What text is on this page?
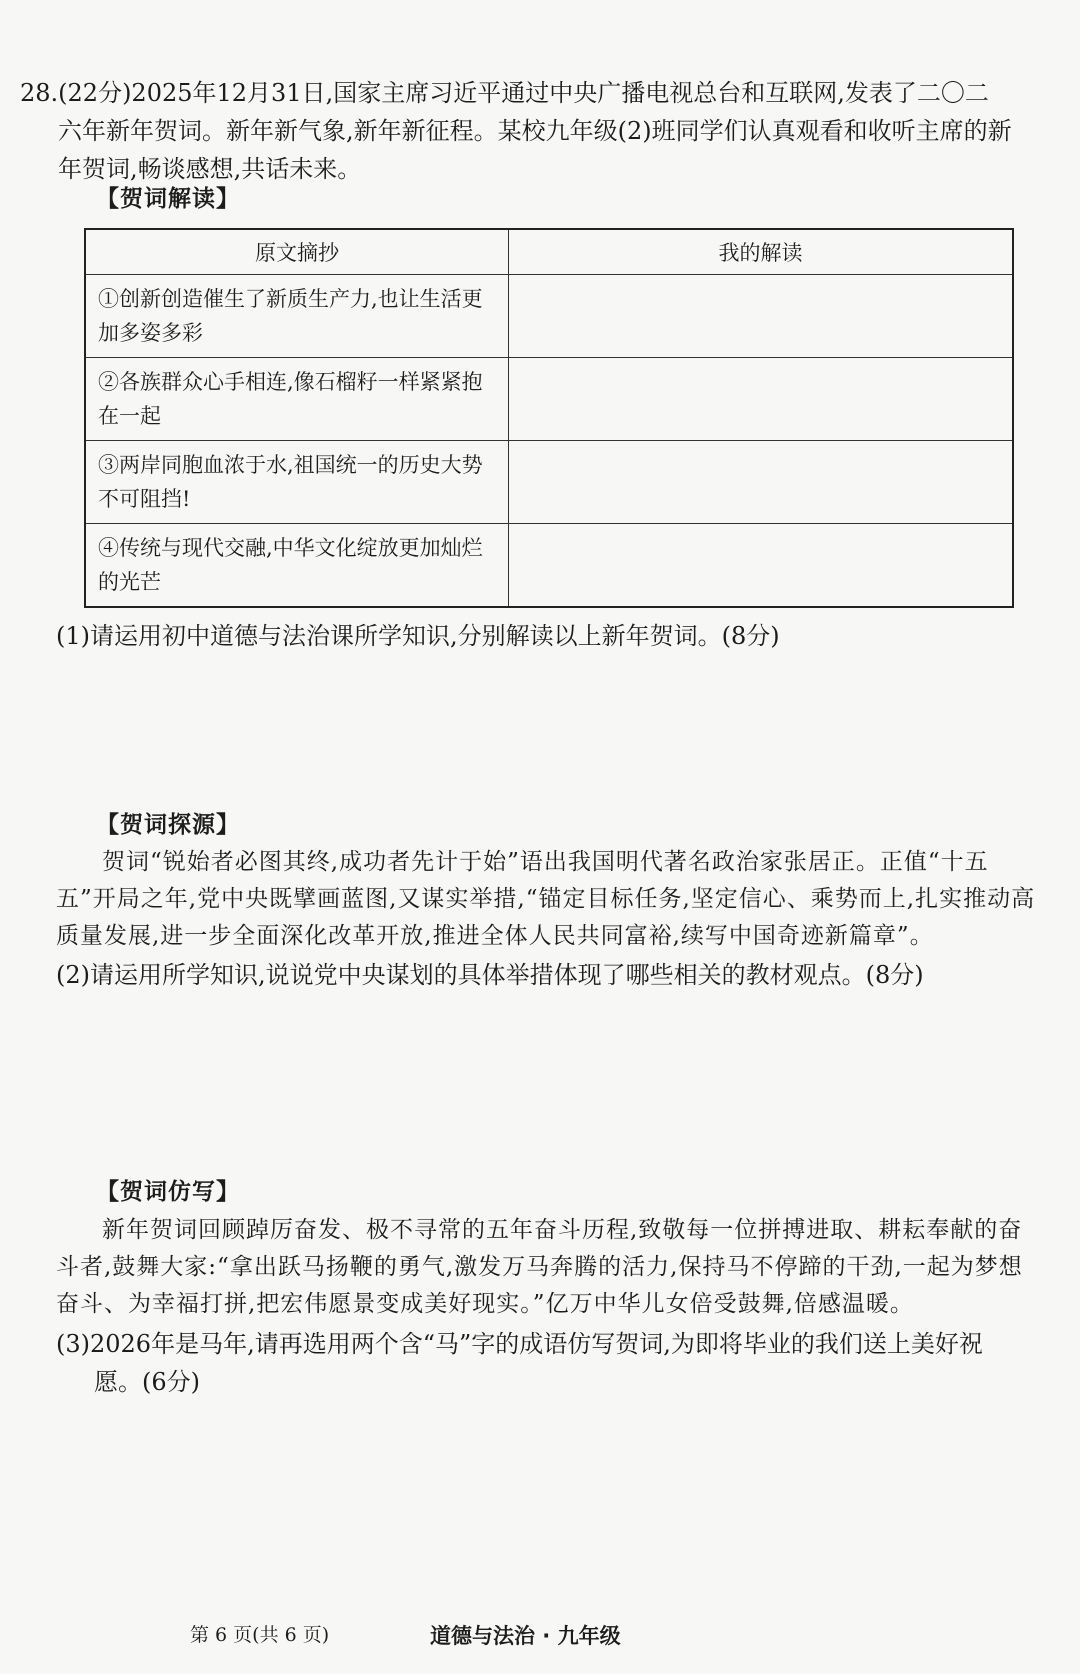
28.(22分)2025年12月31日,国家主席习近平通过中央广播电视总台和互联网,发表了二〇二
六年新年贺词。新年新气象,新年新征程。某校九年级(2)班同学们认真观看和收听主席的新
年贺词,畅谈感想,共话未来。
【贺词解读】
原文摘抄	我的解读
①创新创造催生了新质生产力,也让生活更加多姿多彩	
②各族群众心手相连,像石榴籽一样紧紧抱在一起	
③两岸同胞血浓于水,祖国统一的历史大势不可阻挡!	
④传统与现代交融,中华文化绽放更加灿烂的光芒	
(1)请运用初中道德与法治课所学知识,分别解读以上新年贺词。(8分)
【贺词探源】
贺词“锐始者必图其终,成功者先计于始”语出我国明代著名政治家张居正。正值“十五五”开局之年,党中央既擘画蓝图,又谋实举措,“锚定目标任务,坚定信心、乘势而上,扎实推动高质量发展,进一步全面深化改革开放,推进全体人民共同富裕,续写中国奇迹新篇章”。
(2)请运用所学知识,说说党中央谋划的具体举措体现了哪些相关的教材观点。(8分)
【贺词仿写】
新年贺词回顾踔厉奋发、极不寻常的五年奋斗历程,致敬每一位拼搏进取、耕耘奉献的奋斗者,鼓舞大家:“拿出跃马扬鞭的勇气,激发万马奔腾的活力,保持马不停蹄的干劲,一起为梦想奋斗、为幸福打拼,把宏伟愿景变成美好现实。”亿万中华儿女倍受鼓舞,倍感温暖。
(3)2026年是马年,请再选用两个含“马”字的成语仿写贺词,为即将毕业的我们送上美好祝
愿。(6分)
第 6 页(共 6 页)	道德与法治 · 九年级
